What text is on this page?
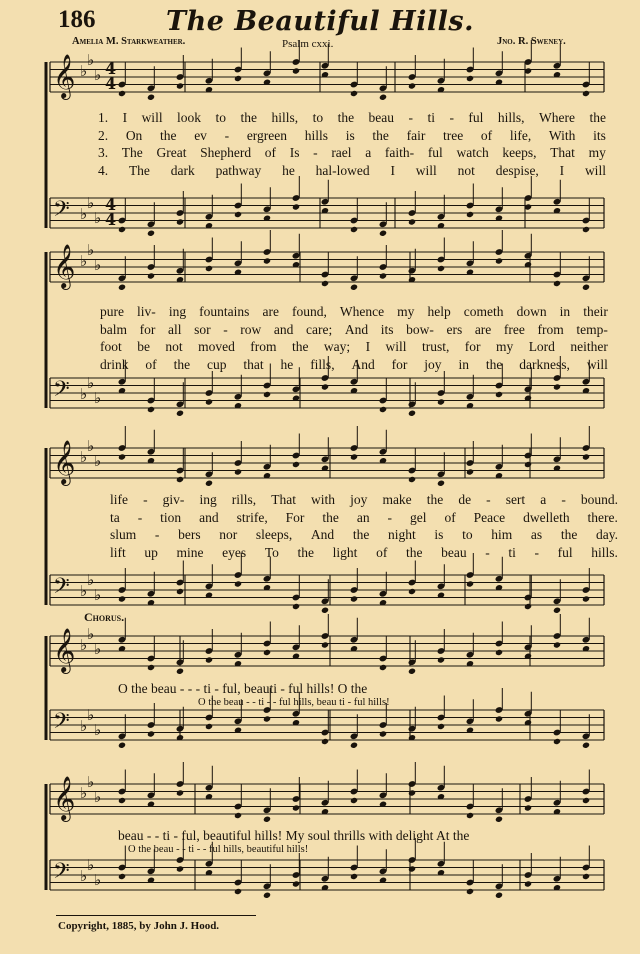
186	The Beautiful Hills.
Amelia M. Starkweather.	Psalm cxxi.	Jno. R. Sweney.
𝄞 ♭
♭
♭
𝄢 ♭
♭
♭
𝄞 ♭
♭
♭
𝄢 ♭
♭
♭
𝄞 ♭
♭
♭
𝄢 ♭
♭
♭
𝄞 ♭
♭
♭
𝄢 ♭
♭
♭
𝄞 ♭
♭
♭
𝄢 ♭
♭
♭
4
4
4
4
1. I will look to the hills, to the beau - ti - ful hills, Where the
2. On the ev - ergreen hills is the fair tree of life, With its
3. The Great Shepherd of Is - rael a faith- ful watch keeps, That my
4. The dark pathway he hal-lowed I will not despise, I will
pure liv- ing fountains are found, Whence my help cometh down in their
balm for all sor - row and care; And its bow- ers are free from temp-
foot be not moved from the way; I will trust, for my Lord neither
drink of the cup that he fills, And for joy in the darkness, will
life - giv- ing rills, That with joy make the de - sert a - bound.
ta - tion and strife, For the an - gel of Peace dwelleth there.
slum - bers nor sleeps, And the night is to him as the day.
lift up mine eyes To the light of the beau - ti - ful hills.
Chorus.
O the beau - - - ti - ful, beauti - ful hills! O the
O the beau - - ti - - ful hills, beau ti - ful hills!
beau - - ti - ful, beautiful hills! My soul thrills with delight At the
O the beau - - ti - - ful hills, beautiful hills!
Copyright, 1885, by John J. Hood.
